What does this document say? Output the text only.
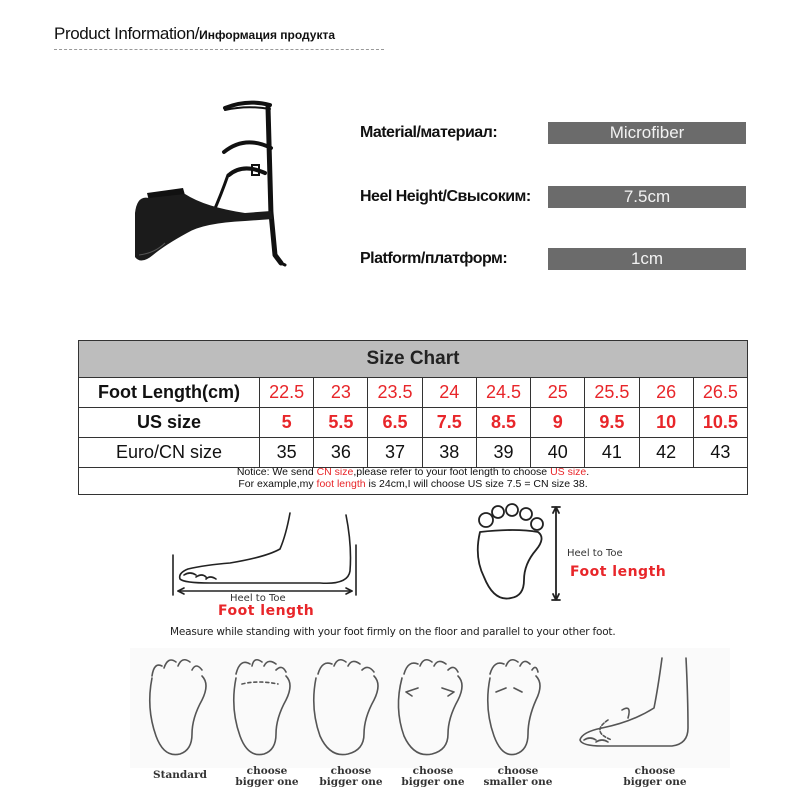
Product Information/Информация продукта
Material/материал:	Microfiber
Heel Height/Свысоким:	7.5cm
Platform/платформ:	1cm
Size Chart
Foot Length(cm)	22.5	23	23.5	24	24.5	25	25.5	26	26.5
US size	5	5.5	6.5	7.5	8.5	9	9.5	10	10.5
Euro/CN size	35	36	37	38	39	40	41	42	43
Notice: We send CN size,please refer to your foot length to choose US size.
For example,my foot length is 24cm,I will choose US size 7.5 = CN size 38.
Heel to Toe
Foot length
Heel to Toe
Foot length
Measure while standing with your foot firmly on the floor and parallel to your other foot.
Standard	choose
bigger one
choose
bigger one
choose
bigger one
choose
smaller one
choose
bigger one
